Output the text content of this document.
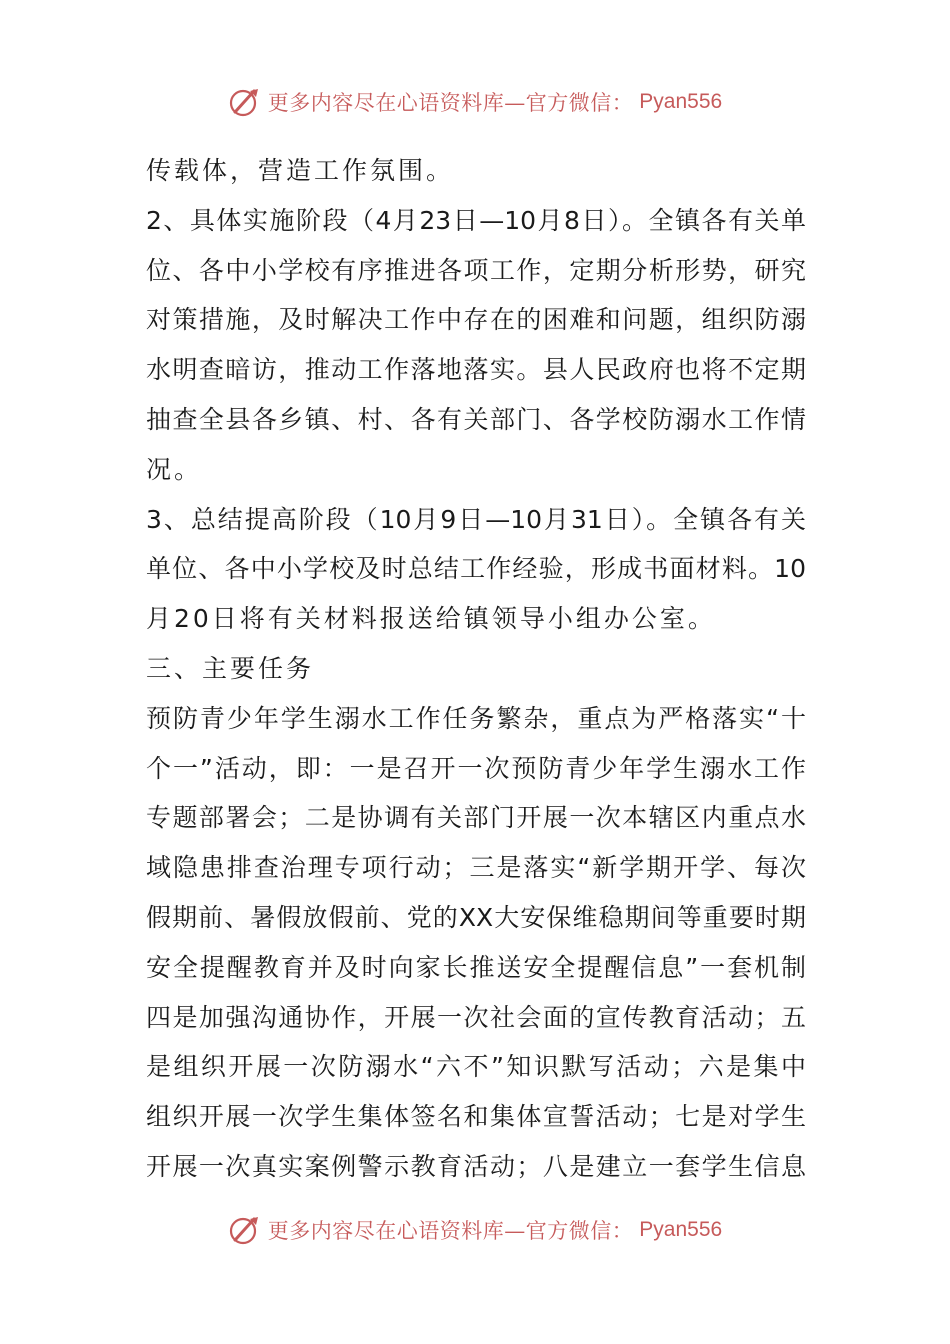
更多内容尽在心语资料库—官方微信： Pyan556
传载体，营造工作氛围。
2、具体实施阶段（4月23日—10月8日）。全镇各有关单
位、各中小学校有序推进各项工作，定期分析形势，研究
对策措施，及时解决工作中存在的困难和问题，组织防溺
水明查暗访，推动工作落地落实。县人民政府也将不定期
抽查全县各乡镇、村、各有关部门、各学校防溺水工作情
况。
3、总结提高阶段（10月9日—10月31日）。全镇各有关
单位、各中小学校及时总结工作经验，形成书面材料。10
月20日将有关材料报送给镇领导小组办公室。
三、主要任务
预防青少年学生溺水工作任务繁杂，重点为严格落实“十
个一”活动，即：一是召开一次预防青少年学生溺水工作
专题部署会；二是协调有关部门开展一次本辖区内重点水
域隐患排查治理专项行动；三是落实“新学期开学、每次
假期前、暑假放假前、党的XX大安保维稳期间等重要时期
安全提醒教育并及时向家长推送安全提醒信息”一套机制
四是加强沟通协作，开展一次社会面的宣传教育活动；五
是组织开展一次防溺水“六不”知识默写活动；六是集中
组织开展一次学生集体签名和集体宣誓活动；七是对学生
开展一次真实案例警示教育活动；八是建立一套学生信息
更多内容尽在心语资料库—官方微信： Pyan556
